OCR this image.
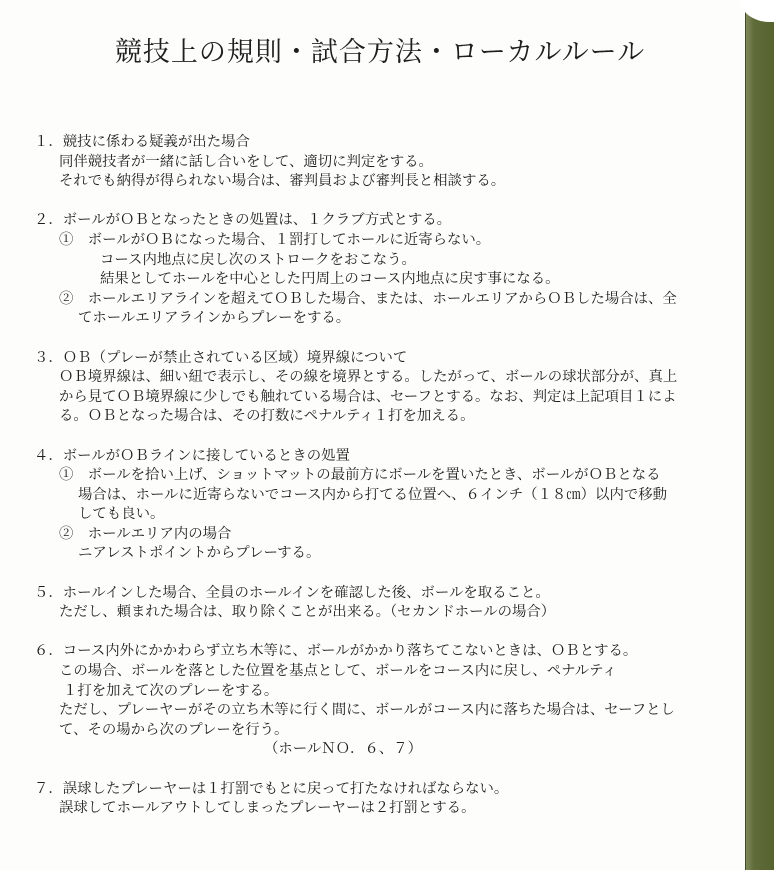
競技上の規則・試合方法・ローカルルール
１．競技に係わる疑義が出た場合
同伴競技者が一緒に話し合いをして、適切に判定をする。
それでも納得が得られない場合は、審判員および審判長と相談する。
２．ボールがＯＢとなったときの処置は、１クラブ方式とする。
①　ボールがＯＢになった場合、１罰打してホールに近寄らない。
コース内地点に戻し次のストロークをおこなう。
結果としてホールを中心とした円周上のコース内地点に戻す事になる。
②　ホールエリアラインを超えてＯＢした場合、または、ホールエリアからＯＢした場合は、全
てホールエリアラインからプレーをする。
３．ＯＢ（プレーが禁止されている区域）境界線について
ＯＢ境界線は、細い紐で表示し、その線を境界とする。したがって、ボールの球状部分が、真上
から見てＯＢ境界線に少しでも触れている場合は、セーフとする。なお、判定は上記項目１によ
る。ＯＢとなった場合は、その打数にペナルティ１打を加える。
４．ボールがＯＢラインに接しているときの処置
①　ボールを拾い上げ、ショットマットの最前方にボールを置いたとき、ボールがＯＢとなる
場合は、ホールに近寄らないでコース内から打てる位置へ、６インチ（１８㎝）以内で移動
しても良い。
②　ホールエリア内の場合
ニアレストポイントからプレーする。
５．ホールインした場合、全員のホールインを確認した後、ボールを取ること。
ただし、頼まれた場合は、取り除くことが出来る。（セカンドホールの場合）
６．コース内外にかかわらず立ち木等に、ボールがかかり落ちてこないときは、ＯＢとする。
この場合、ボールを落とした位置を基点として、ボールをコース内に戻し、ペナルティ
１打を加えて次のプレーをする。
ただし、プレーヤーがその立ち木等に行く間に、ボールがコース内に落ちた場合は、セーフとし
て、その場から次のプレーを行う。
（ホールＮＯ．６、７）
７．誤球したプレーヤーは１打罰でもとに戻って打たなければならない。
誤球してホールアウトしてしまったプレーヤーは２打罰とする。
